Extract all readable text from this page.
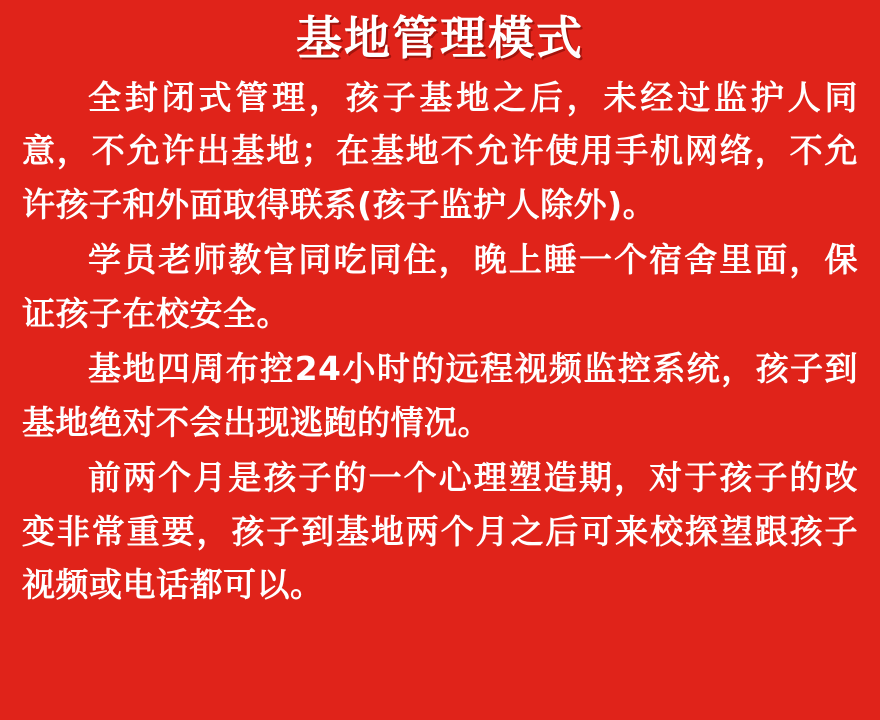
基地管理模式

全封闭式管理，孩子基地之后，未经过监护人同意，不允许出基地；在基地不允许使用手机网络，不允许孩子和外面取得联系(孩子监护人除外)。

学员老师教官同吃同住，晚上睡一个宿舍里面，保证孩子在校安全。

基地四周布控24小时的远程视频监控系统，孩子到基地绝对不会出现逃跑的情况。

前两个月是孩子的一个心理塑造期，对于孩子的改变非常重要，孩子到基地两个月之后可来校探望跟孩子视频或电话都可以。
